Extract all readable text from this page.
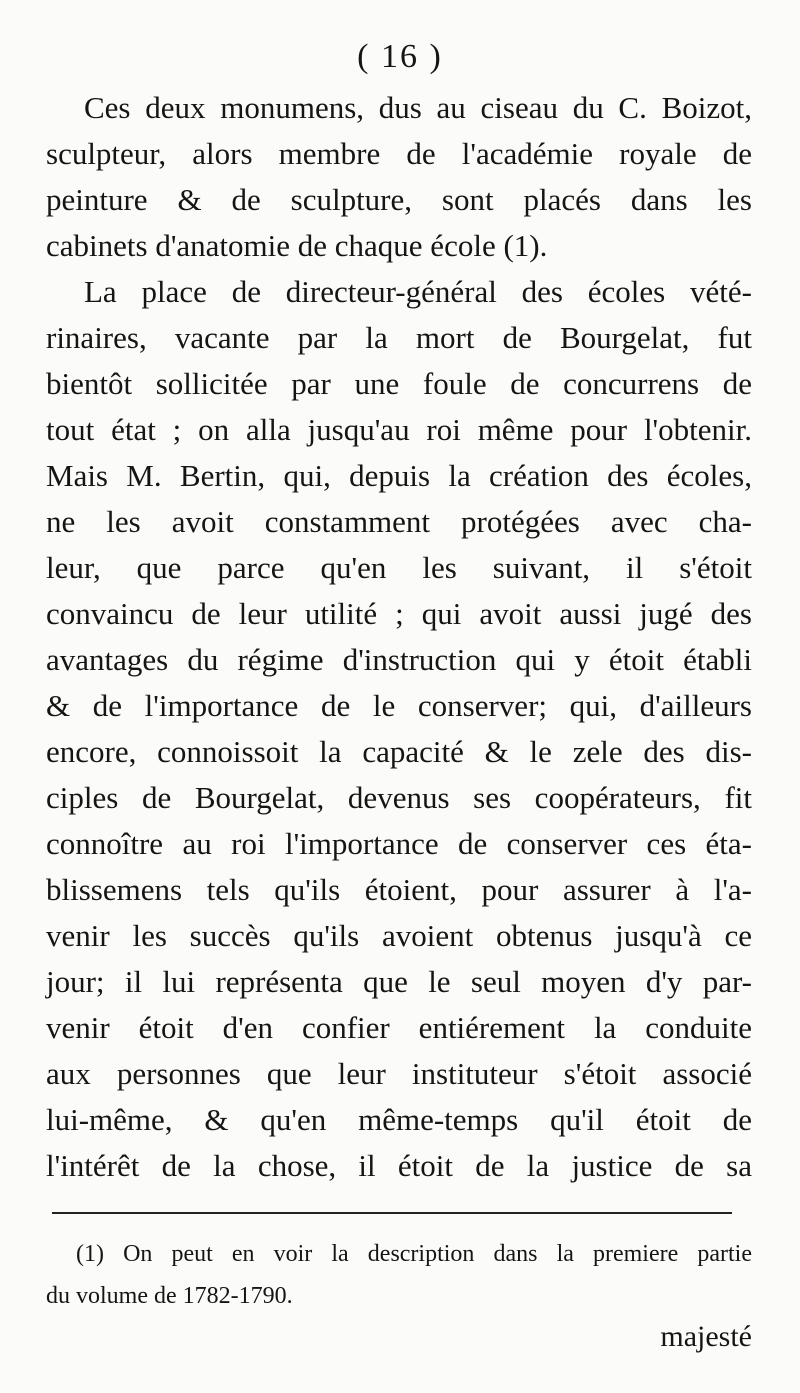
( 16 )
Ces deux monumens, dus au ciseau du C. Boizot,
sculpteur, alors membre de l'académie royale de
peinture & de sculpture, sont placés dans les
cabinets d'anatomie de chaque école (1).
La place de directeur-général des écoles vété-
rinaires, vacante par la mort de Bourgelat, fut
bientôt sollicitée par une foule de concurrens de
tout état ; on alla jusqu'au roi même pour l'obtenir.
Mais M. Bertin, qui, depuis la création des écoles,
ne les avoit constamment protégées avec cha-
leur, que parce qu'en les suivant, il s'étoit
convaincu de leur utilité ; qui avoit aussi jugé des
avantages du régime d'instruction qui y étoit établi
& de l'importance de le conserver; qui, d'ailleurs
encore, connoissoit la capacité & le zele des dis-
ciples de Bourgelat, devenus ses coopérateurs, fit
connoître au roi l'importance de conserver ces éta-
blissemens tels qu'ils étoient, pour assurer à l'a-
venir les succès qu'ils avoient obtenus jusqu'à ce
jour; il lui représenta que le seul moyen d'y par-
venir étoit d'en confier entiérement la conduite
aux personnes que leur instituteur s'étoit associé
lui-même, & qu'en même-temps qu'il étoit de
l'intérêt de la chose, il étoit de la justice de sa
(1) On peut en voir la description dans la premiere partie
du volume de 1782-1790.
majesté
